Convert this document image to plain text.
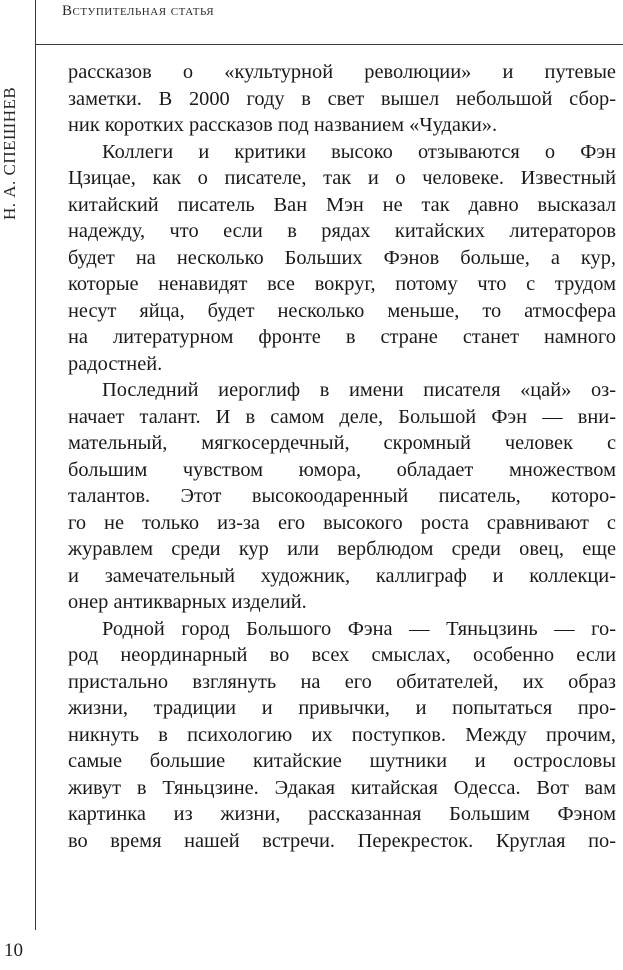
Вступительная статья
Н. А. СПЕШНЕВ
рассказов о «культурной революции» и путевые
заметки. В 2000 году в свет вышел небольшой сбор-
ник коротких рассказов под названием «Чудаки».
Коллеги и критики высоко отзываются о Фэн
Цзицае, как о писателе, так и о человеке. Известный
китайский писатель Ван Мэн не так давно высказал
надежду, что если в рядах китайских литераторов
будет на несколько Больших Фэнов больше, а кур,
которые ненавидят все вокруг, потому что с трудом
несут яйца, будет несколько меньше, то атмосфера
на литературном фронте в стране станет намного
радостней.
Последний иероглиф в имени писателя «цай» оз-
начает талант. И в самом деле, Большой Фэн — вни-
мательный, мягкосердечный, скромный человек с
большим чувством юмора, обладает множеством
талантов. Этот высокоодаренный писатель, которо-
го не только из-за его высокого роста сравнивают с
журавлем среди кур или верблюдом среди овец, еще
и замечательный художник, каллиграф и коллекци-
онер антикварных изделий.
Родной город Большого Фэна — Тяньцзинь — го-
род неординарный во всех смыслах, особенно если
пристально взглянуть на его обитателей, их образ
жизни, традиции и привычки, и попытаться про-
никнуть в психологию их поступков. Между прочим,
самые большие китайские шутники и острословы
живут в Тяньцзине. Эдакая китайская Одесса. Вот вам
картинка из жизни, рассказанная Большим Фэном
во время нашей встречи. Перекресток. Круглая по-
10
